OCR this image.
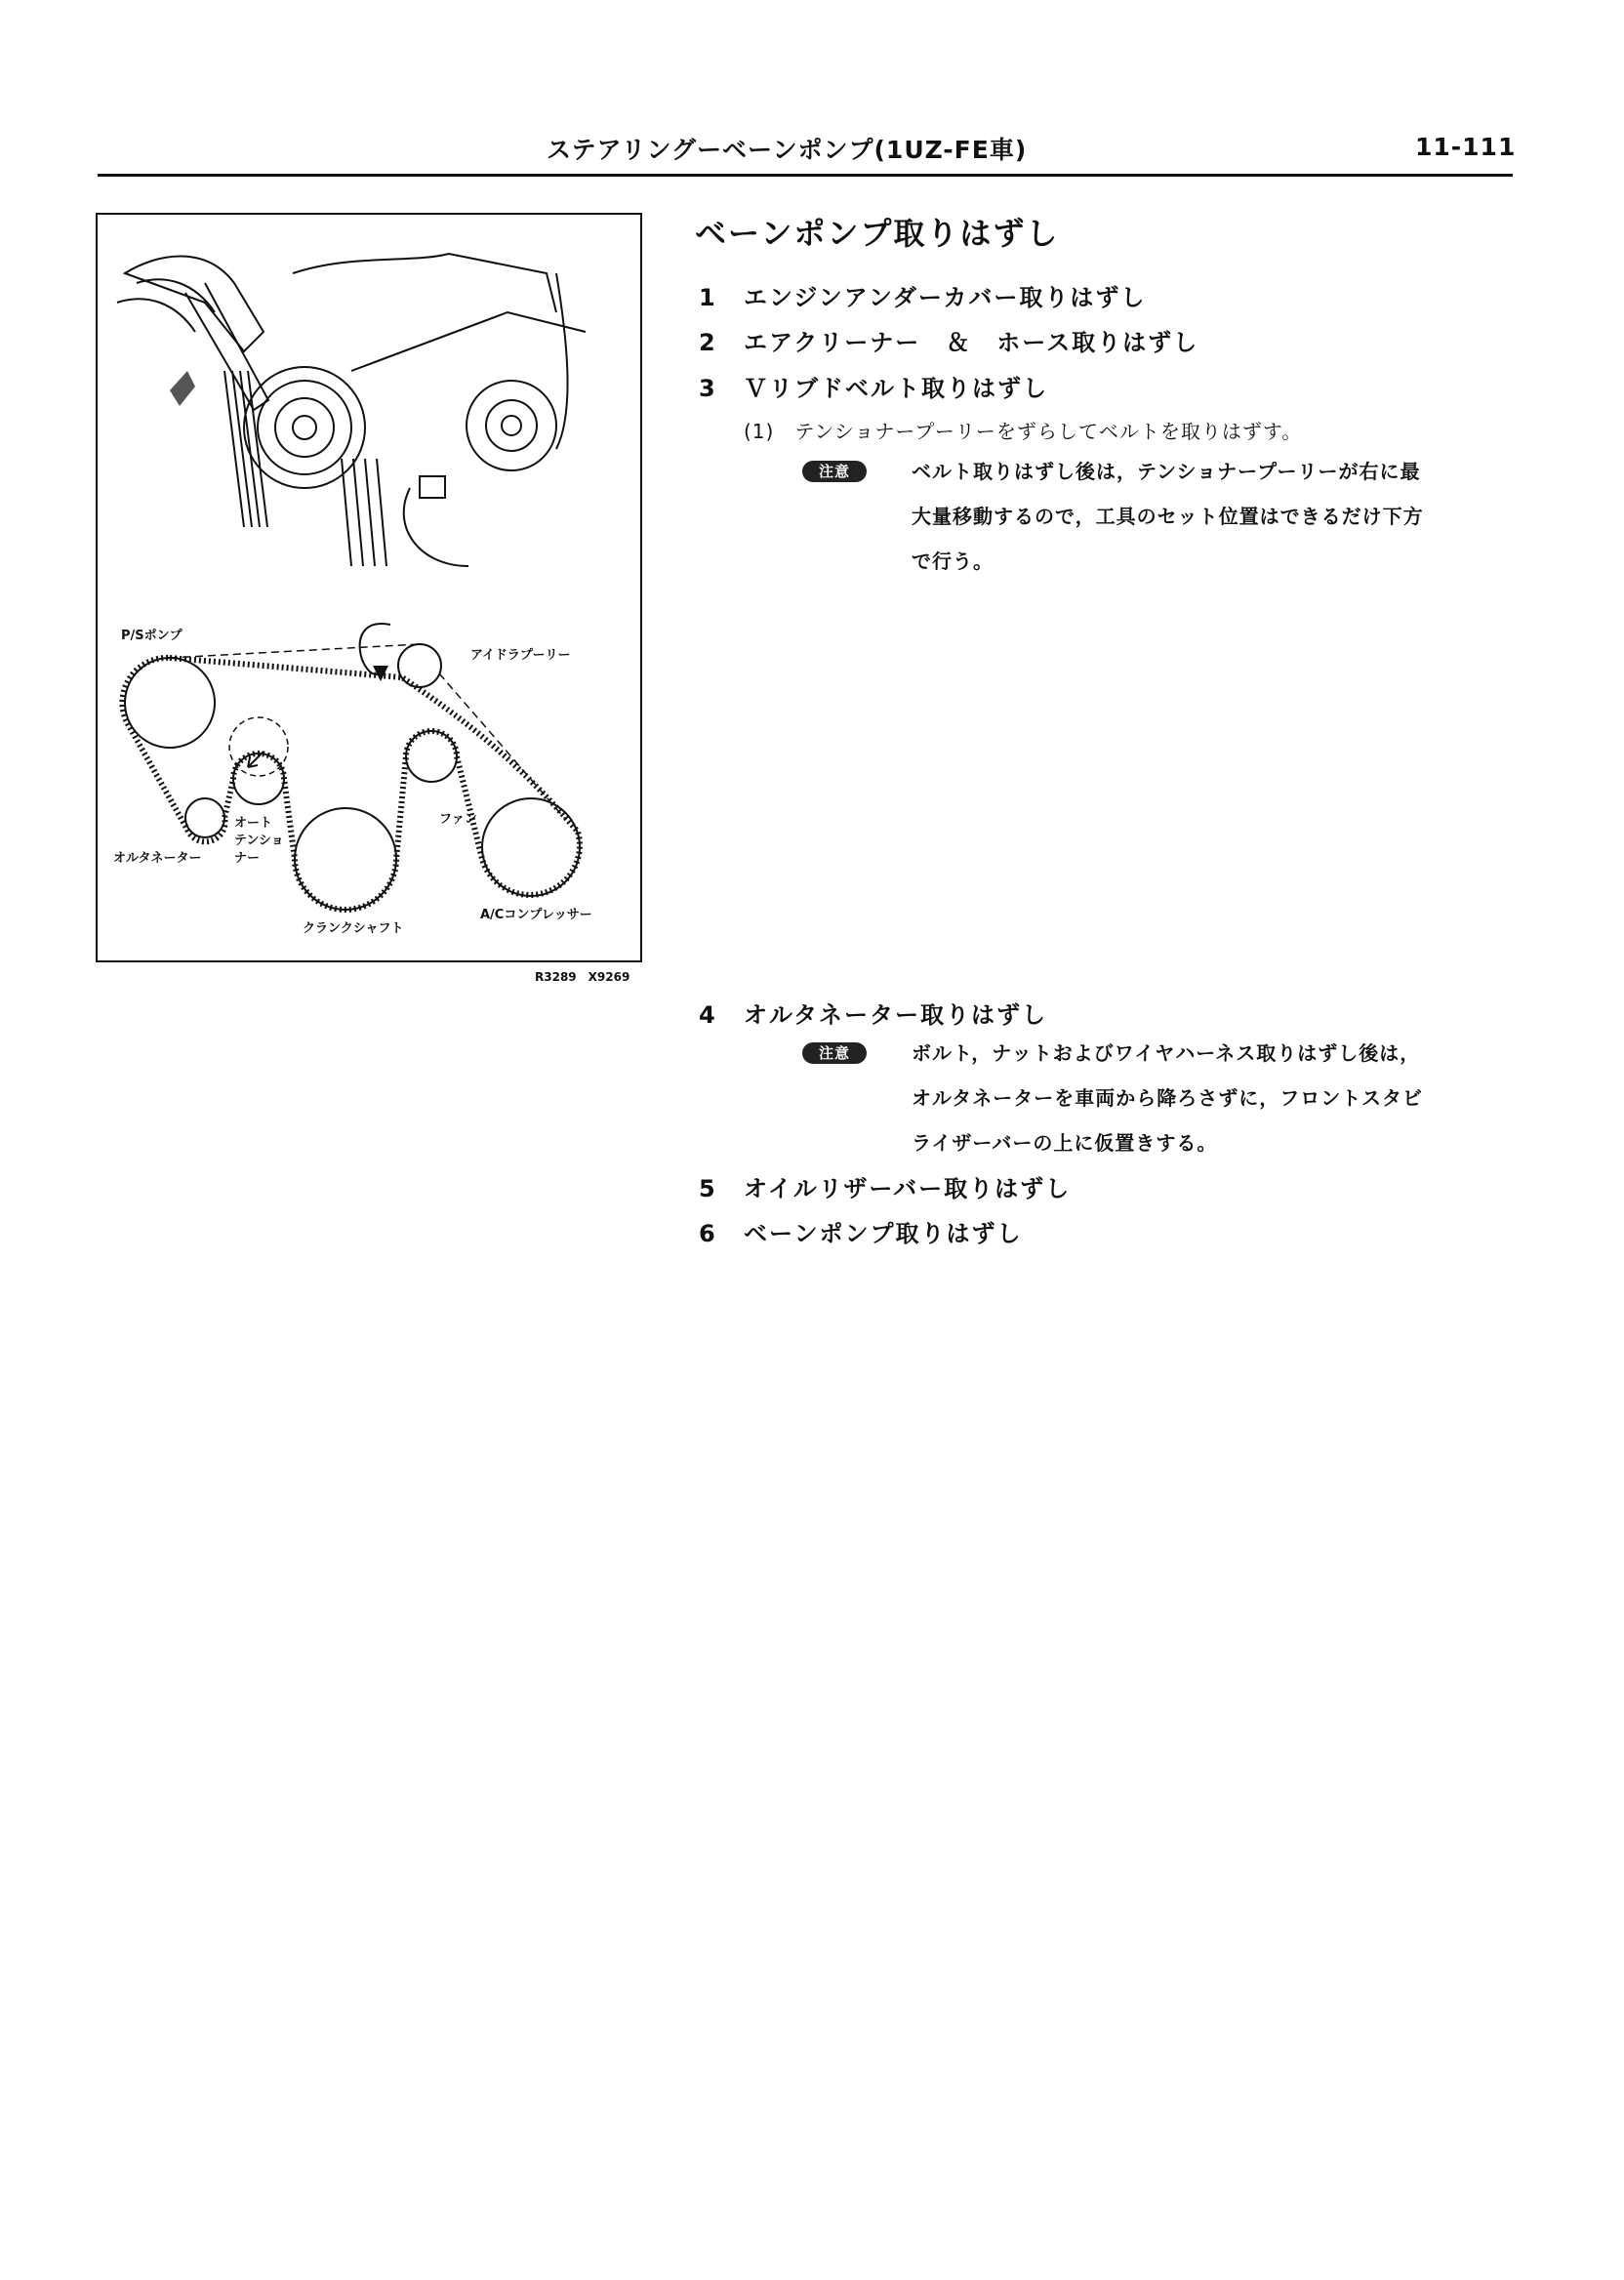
ステアリングーベーンポンプ(1UZ-FE車)	11-111
P/Sポンプ
アイドラプーリー
オート
テンショ
ナー
オルタネーター
ファン
クランクシャフト
A/Cコンプレッサー
R3289　X9269
ベーンポンプ取りはずし
1 エンジンアンダーカバー取りはずし
2 エアクリーナー　＆　ホース取りはずし
3 Ｖリブドベルト取りはずし
(1)　テンショナープーリーをずらしてベルトを取りはずす。
注意	ベルト取りはずし後は，テンショナープーリーが右に最
大量移動するので，工具のセット位置はできるだけ下方
で行う。
4 オルタネーター取りはずし
注意	ボルト，ナットおよびワイヤハーネス取りはずし後は，
オルタネーターを車両から降ろさずに，フロントスタビ
ライザーバーの上に仮置きする。
5 オイルリザーバー取りはずし
6 ベーンポンプ取りはずし
